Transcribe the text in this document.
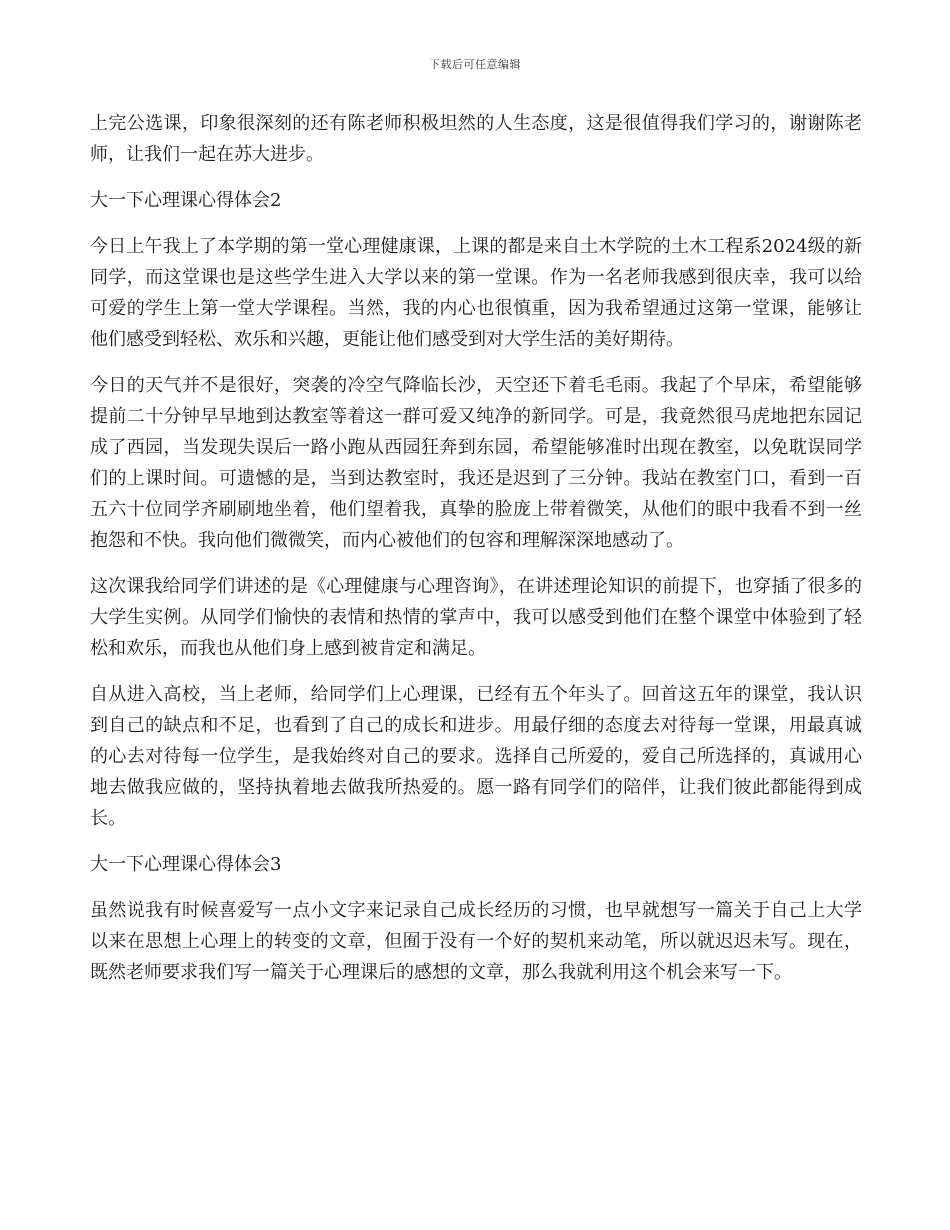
下载后可任意编辑

上完公选课，印象很深刻的还有陈老师积极坦然的人生态度，这是很值得我们学习的，谢谢陈老师，让我们一起在苏大进步。

大一下心理课心得体会2

今日上午我上了本学期的第一堂心理健康课，上课的都是来自土木学院的土木工程系2024级的新同学，而这堂课也是这些学生进入大学以来的第一堂课。作为一名老师我感到很庆幸，我可以给可爱的学生上第一堂大学课程。当然，我的内心也很慎重，因为我希望通过这第一堂课，能够让他们感受到轻松、欢乐和兴趣，更能让他们感受到对大学生活的美好期待。

今日的天气并不是很好，突袭的冷空气降临长沙，天空还下着毛毛雨。我起了个早床，希望能够提前二十分钟早早地到达教室等着这一群可爱又纯净的新同学。可是，我竟然很马虎地把东园记成了西园，当发现失误后一路小跑从西园狂奔到东园，希望能够准时出现在教室，以免耽误同学们的上课时间。可遗憾的是，当到达教室时，我还是迟到了三分钟。我站在教室门口，看到一百五六十位同学齐刷刷地坐着，他们望着我，真挚的脸庞上带着微笑，从他们的眼中我看不到一丝抱怨和不快。我向他们微微笑，而内心被他们的包容和理解深深地感动了。

这次课我给同学们讲述的是《心理健康与心理咨询》，在讲述理论知识的前提下，也穿插了很多的大学生实例。从同学们愉快的表情和热情的掌声中，我可以感受到他们在整个课堂中体验到了轻松和欢乐，而我也从他们身上感到被肯定和满足。

自从进入高校，当上老师，给同学们上心理课，已经有五个年头了。回首这五年的课堂，我认识到自己的缺点和不足，也看到了自己的成长和进步。用最仔细的态度去对待每一堂课，用最真诚的心去对待每一位学生，是我始终对自己的要求。选择自己所爱的，爱自己所选择的，真诚用心地去做我应做的，坚持执着地去做我所热爱的。愿一路有同学们的陪伴，让我们彼此都能得到成长。

大一下心理课心得体会3

虽然说我有时候喜爱写一点小文字来记录自己成长经历的习惯，也早就想写一篇关于自己上大学以来在思想上心理上的转变的文章，但囿于没有一个好的契机来动笔，所以就迟迟未写。现在，既然老师要求我们写一篇关于心理课后的感想的文章，那么我就利用这个机会来写一下。
